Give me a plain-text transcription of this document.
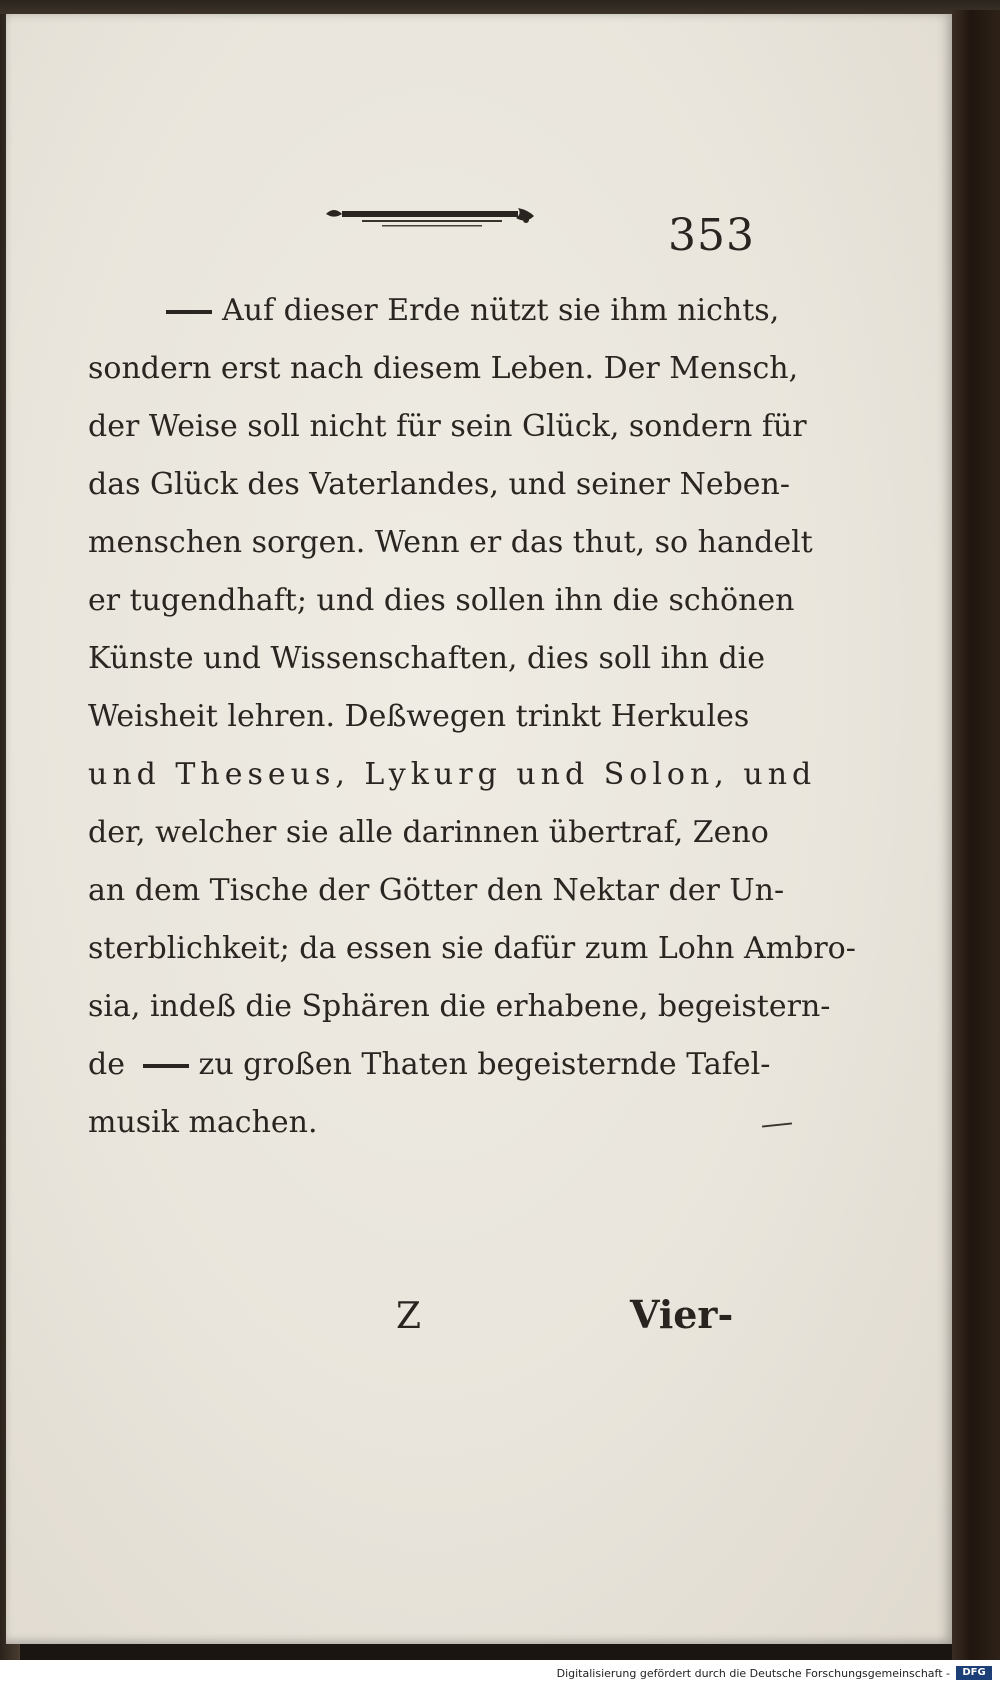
353
Auf dieser Erde nützt sie ihm nichts,
sondern erst nach diesem Leben. Der Mensch,
der Weise soll nicht für sein Glück, sondern für
das Glück des Vaterlandes, und seiner Neben-
menschen sorgen. Wenn er das thut, so handelt
er tugendhaft; und dies sollen ihn die schönen
Künste und Wissenschaften, dies soll ihn die
Weisheit lehren. Deßwegen trinkt Herkules
und Theseus, Lykurg und Solon, und
der, welcher sie alle darinnen übertraf, Zeno
an dem Tische der Götter den Nektar der Un-
sterblichkeit; da essen sie dafür zum Lohn Ambro-
sia, indeß die Sphären die erhabene, begeistern-
de zu großen Thaten begeisternde Tafel-
musik machen.
Z	Vier-
Digitalisierung gefördert durch die Deutsche Forschungsgemeinschaft -	DFG
